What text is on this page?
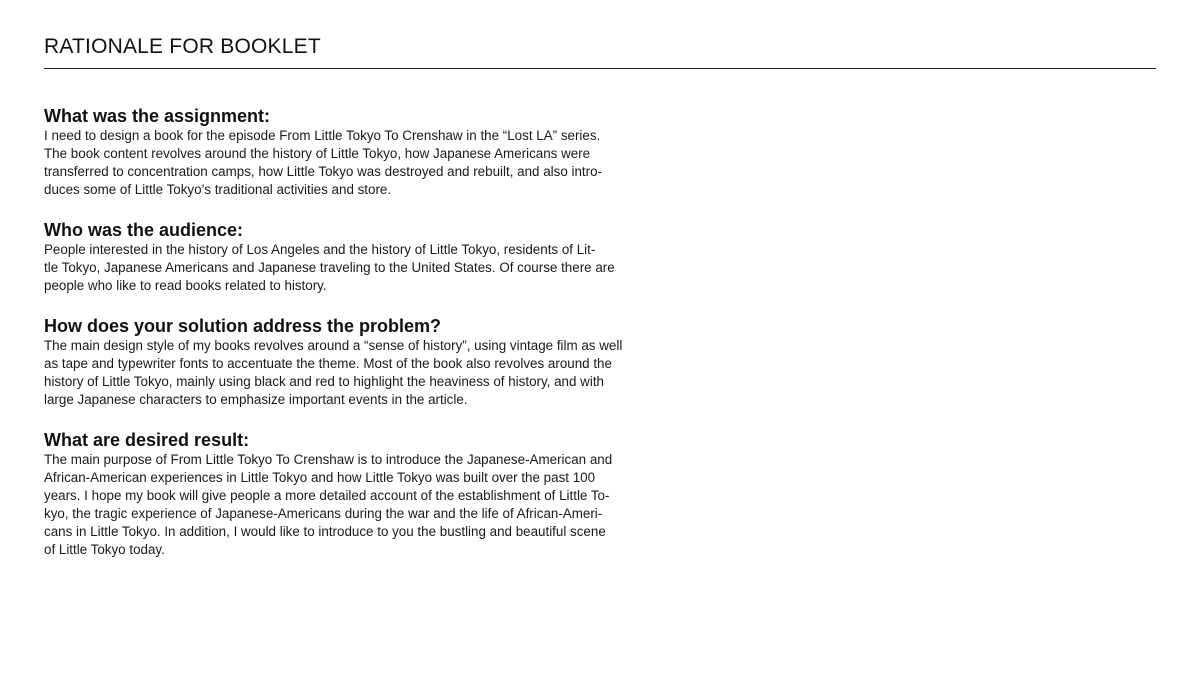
RATIONALE FOR BOOKLET
What was the assignment:

I need to design a book for the episode From Little Tokyo To Crenshaw in the “Lost LA” series.
The book content revolves around the history of Little Tokyo, how Japanese Americans were
transferred to concentration camps, how Little Tokyo was destroyed and rebuilt, and also intro-
duces some of Little Tokyo’s traditional activities and store.

Who was the audience:

People interested in the history of Los Angeles and the history of Little Tokyo, residents of Lit-
tle Tokyo, Japanese Americans and Japanese traveling to the United States. Of course there are
people who like to read books related to history.

How does your solution address the problem?

The main design style of my books revolves around a “sense of history”, using vintage film as well
as tape and typewriter fonts to accentuate the theme. Most of the book also revolves around the
history of Little Tokyo, mainly using black and red to highlight the heaviness of history, and with
large Japanese characters to emphasize important events in the article.

What are desired result:

The main purpose of From Little Tokyo To Crenshaw is to introduce the Japanese-American and
African-American experiences in Little Tokyo and how Little Tokyo was built over the past 100
years. I hope my book will give people a more detailed account of the establishment of Little To-
kyo, the tragic experience of Japanese-Americans during the war and the life of African-Ameri-
cans in Little Tokyo. In addition, I would like to introduce to you the bustling and beautiful scene
of Little Tokyo today.
